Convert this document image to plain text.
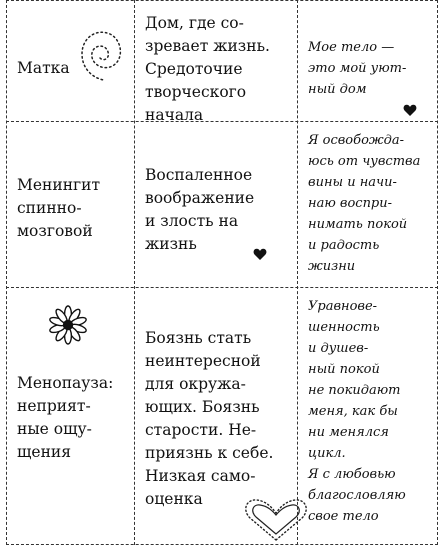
Матка
Дом, где со-
зревает жизнь.
Средоточие
творческого
начала
Мое тело —
это мой уют-
ный дом
Менингит
спинно-
мозговой
Воспаленное
воображение
и злость на
жизнь
Я освобожда-
юсь от чувства
вины и начи-
наю воспри-
нимать покой
и радость
жизни
Менопауза:
неприят-
ные ощу-
щения
Боязнь стать
неинтересной
для окружа-
ющих. Боязнь
старости. Не-
приязнь к себе.
Низкая само-
оценка
Уравнове-
шенность
и душев-
ный покой
не покидают
меня, как бы
ни менялся
цикл.
Я с любовью
благословляю
свое тело
